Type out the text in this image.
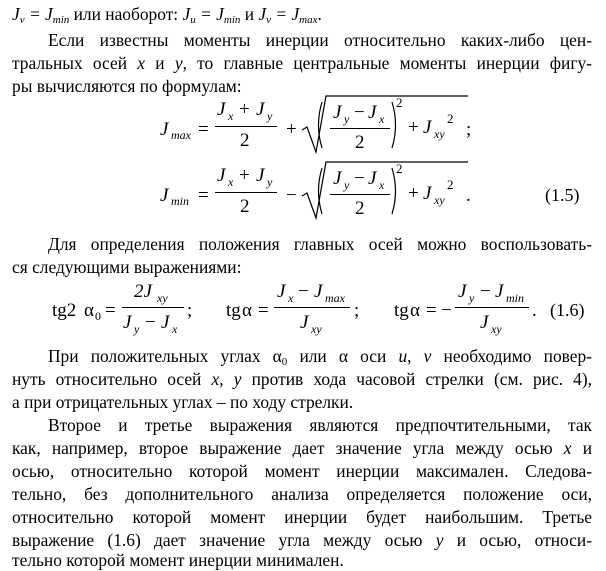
$J_v = J_{min}$ или наоборот: $J_u = J_{min}$ и $J_v = J_{max}$.
Если известны моменты инерции относительно каких-либо цен-
тральных осей x и y, то главные центральные моменты инерции фигу-
ры вычисляются по формулам:
J max =
J x + J y
2
+
J y − J x
2
2
+ J xy
2
;
J min =
J x + J y
2
−
J y − J x
2
2
+ J xy
2
.	(1.5)
Для определения положения главных осей можно воспользовать-
ся следующими выражениями:
tg2 α 0 =
2J xy
J y − J x
; tg α =
J x − J max
J xy
; tg α = −
J y − J min
J xy
. (1.6)
При положительных углах $\alpha_0$ или α оси u, v необходимо повер-
нуть относительно осей x, y против хода часовой стрелки (см. рис. 4),
а при отрицательных углах – по ходу стрелки.
Второе и третье выражения являются предпочтительными, так
как, например, второе выражение дает значение угла между осью x и
осью, относительно которой момент инерции максимален. Следова-
тельно, без дополнительного анализа определяется положение оси,
относительно которой момент инерции будет наибольшим. Третье
выражение (1.6) дает значение угла между осью y и осью, относи-
тельно которой момент инерции минимален.
